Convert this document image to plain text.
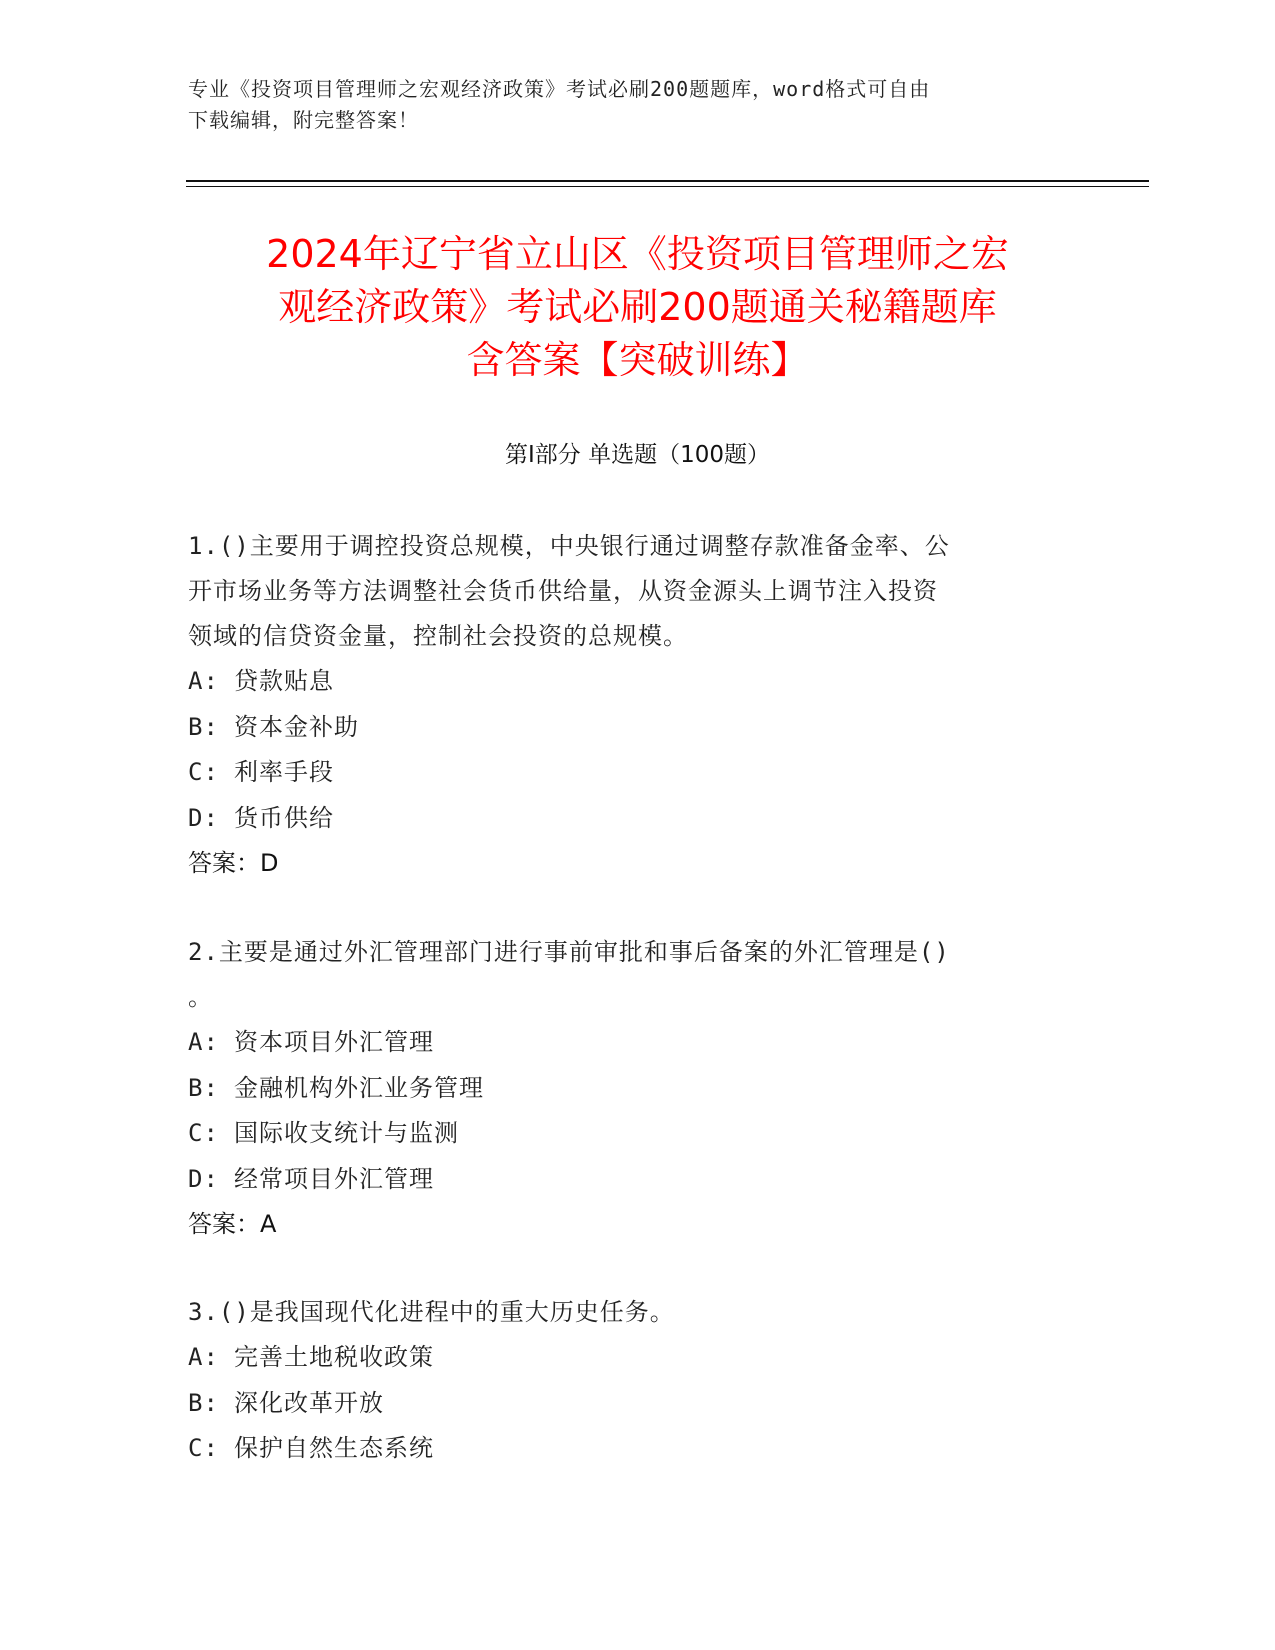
专业《投资项目管理师之宏观经济政策》考试必刷200题题库，word格式可自由
下载编辑，附完整答案！
2024年辽宁省立山区《投资项目管理师之宏
观经济政策》考试必刷200题通关秘籍题库
含答案【突破训练】
第Ⅰ部分 单选题（100题）

1.()主要用于调控投资总规模，中央银行通过调整存款准备金率、公

开市场业务等方法调整社会货币供给量，从资金源头上调节注入投资

领域的信贷资金量，控制社会投资的总规模。

A: 贷款贴息

B: 资本金补助

C: 利率手段

D: 货币供给

答案：D

2.主要是通过外汇管理部门进行事前审批和事后备案的外汇管理是()

。

A: 资本项目外汇管理

B: 金融机构外汇业务管理

C: 国际收支统计与监测

D: 经常项目外汇管理

答案：A

3.()是我国现代化进程中的重大历史任务。

A: 完善土地税收政策

B: 深化改革开放

C: 保护自然生态系统
